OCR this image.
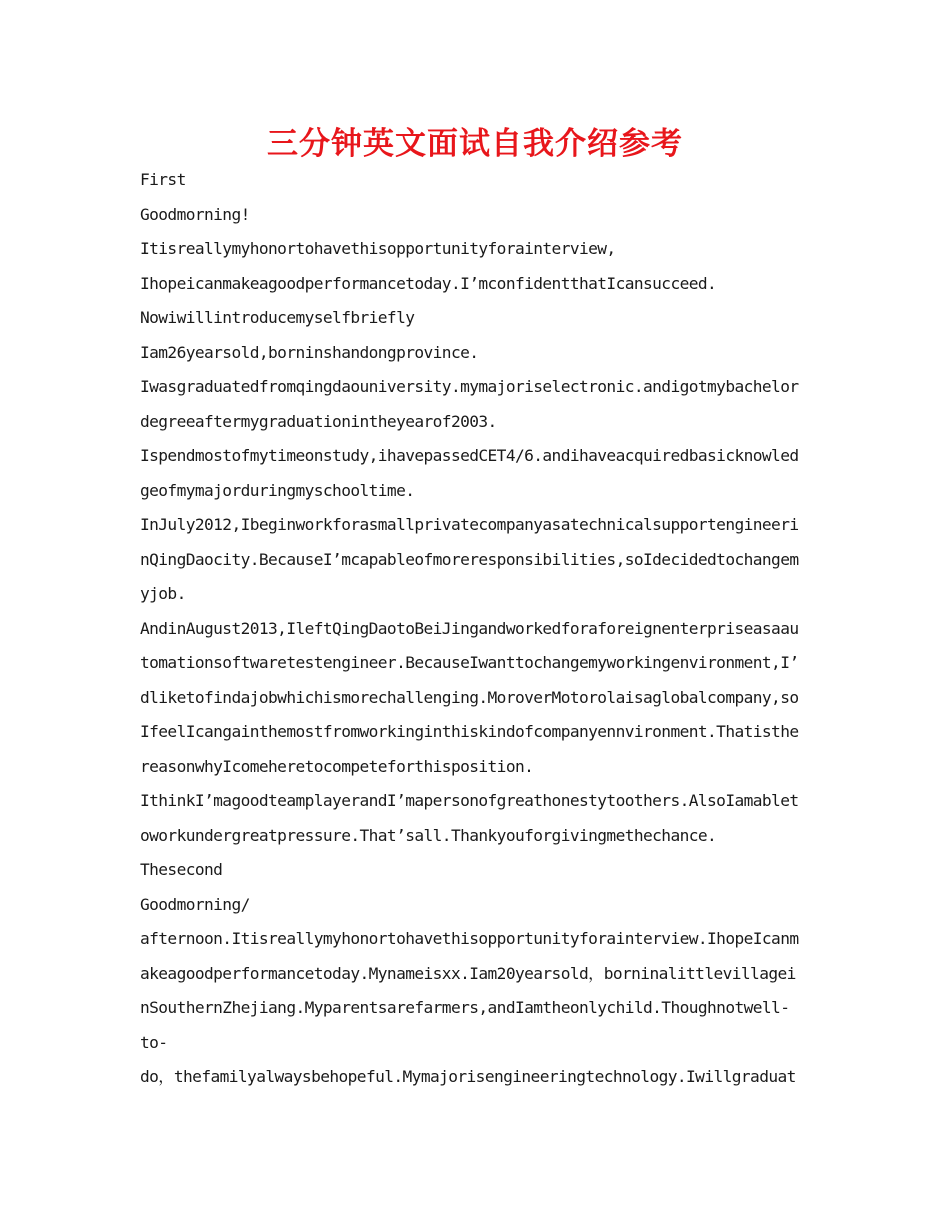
三分钟英文面试自我介绍参考
First
Goodmorning!
Itisreallymyhonortohavethisopportunityforainterview,
Ihopeicanmakeagoodperformancetoday.I’mconfidentthatIcansucceed.
Nowiwillintroducemyselfbriefly
Iam26yearsold,borninshandongprovince.
Iwasgraduatedfromqingdaouniversity.mymajoriselectronic.andigotmybachelor
degreeaftermygraduationintheyearof2003.
Ispendmostofmytimeonstudy,ihavepassedCET4/6.andihaveacquiredbasicknowled
geofmymajorduringmyschooltime.
InJuly2012,Ibeginworkforasmallprivatecompanyasatechnicalsupportengineeri
nQingDaocity.BecauseI’mcapableofmoreresponsibilities,soIdecidedtochangem
yjob.
AndinAugust2013,IleftQingDaotoBeiJingandworkedforaforeignenterpriseasaau
tomationsoftwaretestengineer.BecauseIwanttochangemyworkingenvironment,I’
dliketofindajobwhichismorechallenging.MoroverMotorolaisaglobalcompany,so
IfeelIcangainthemostfromworkinginthiskindofcompanyennvironment.Thatisthe
reasonwhyIcomeheretocompeteforthisposition.
IthinkI’magoodteamplayerandI’mapersonofgreathonestytoothers.AlsoIamablet
oworkundergreatpressure.That’sall.Thankyouforgivingmethechance.
Thesecond
Goodmorning/
afternoon.Itisreallymyhonortohavethisopportunityforainterview.IhopeIcanm
akeagoodperformancetoday.Mynameisxx.Iam20yearsold，borninalittlevillagei
nSouthernZhejiang.Myparentsarefarmers,andIamtheonlychild.Thoughnotwell-
to-
do，thefamilyalwaysbehopeful.Mymajorisengineeringtechnology.Iwillgraduat
